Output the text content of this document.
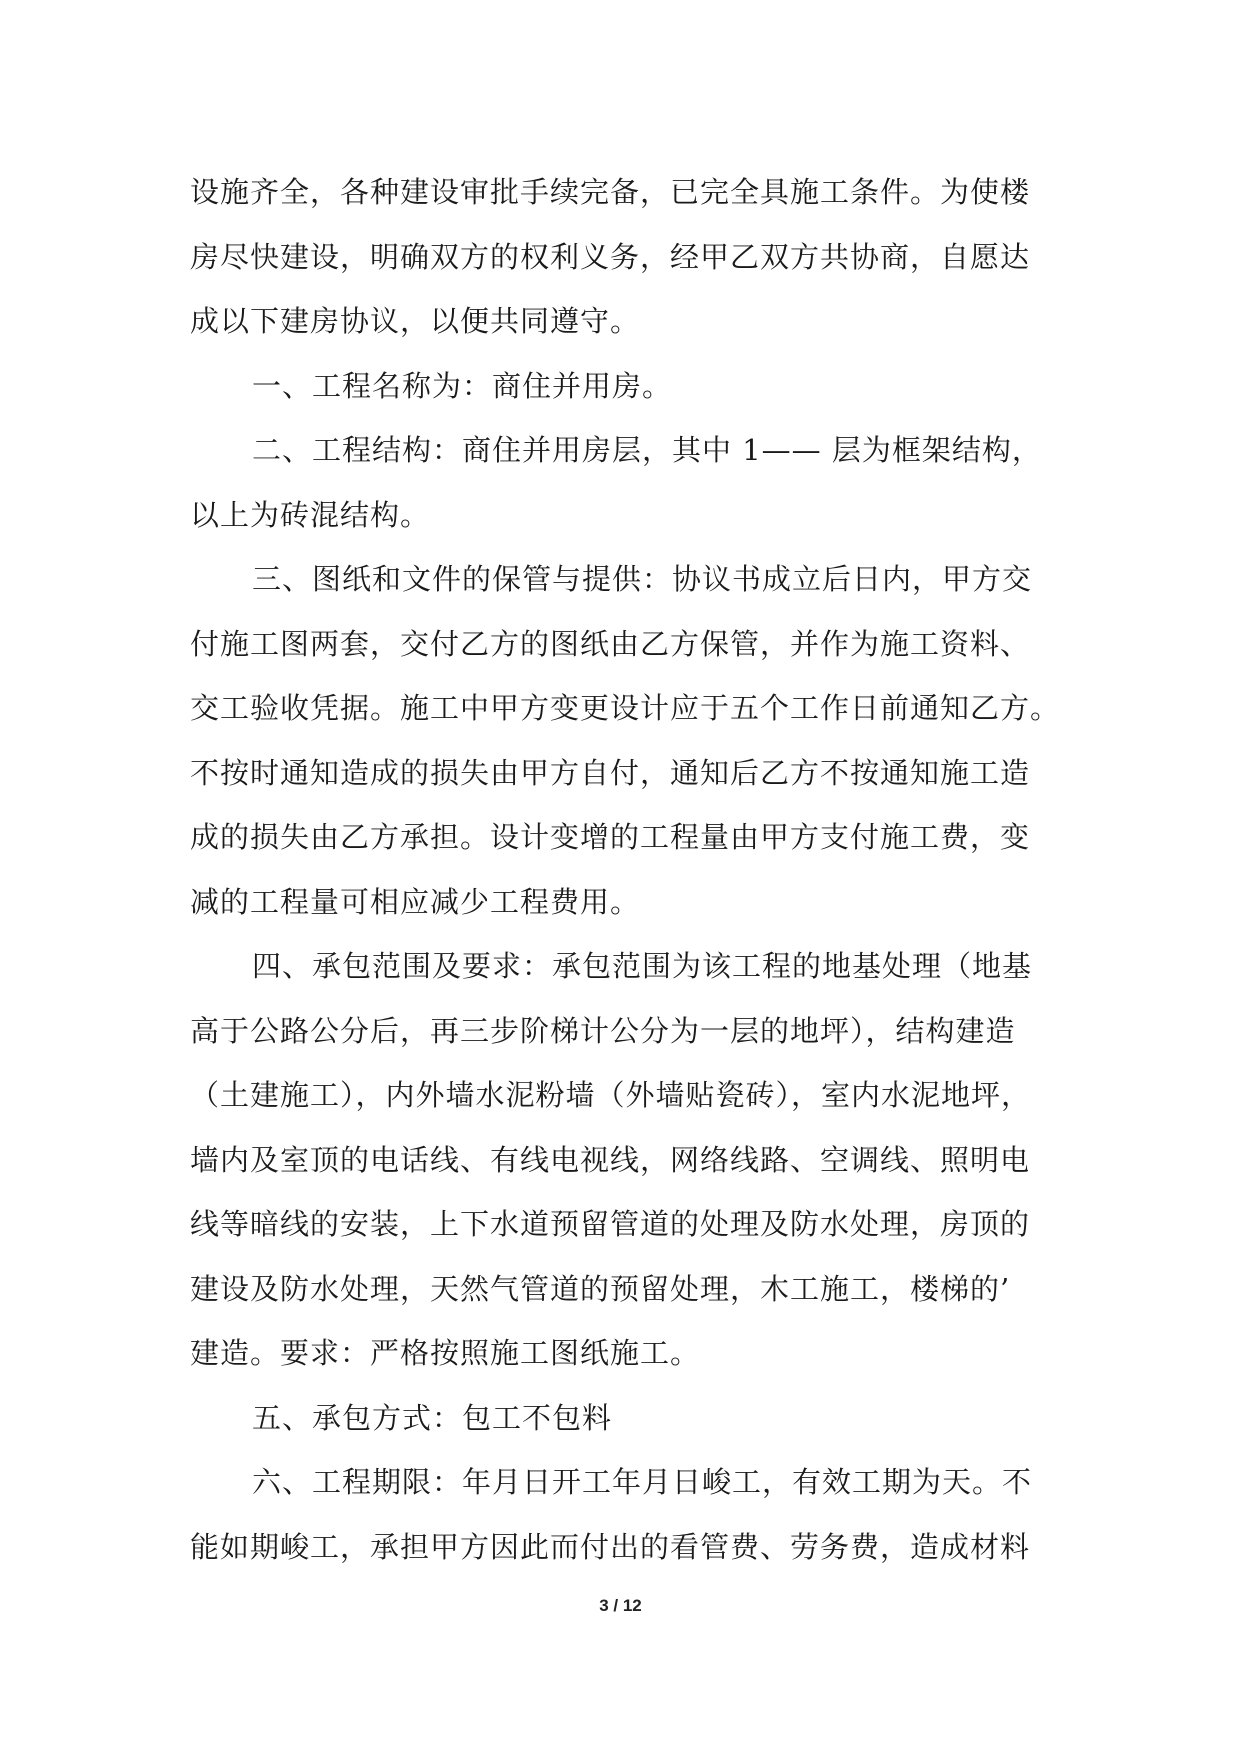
设施齐全，各种建设审批手续完备，已完全具施工条件。为使楼
房尽快建设，明确双方的权利义务，经甲乙双方共协商，自愿达
成以下建房协议，以便共同遵守。
一、工程名称为：商住并用房。
二、工程结构：商住并用房层，其中 1—— 层为框架结构，
以上为砖混结构。
三、图纸和文件的保管与提供：协议书成立后日内，甲方交
付施工图两套，交付乙方的图纸由乙方保管，并作为施工资料、
交工验收凭据。施工中甲方变更设计应于五个工作日前通知乙方。
不按时通知造成的损失由甲方自付，通知后乙方不按通知施工造
成的损失由乙方承担。设计变增的工程量由甲方支付施工费，变
减的工程量可相应减少工程费用。
四、承包范围及要求：承包范围为该工程的地基处理（地基
高于公路公分后，再三步阶梯计公分为一层的地坪），结构建造
（土建施工），内外墙水泥粉墙（外墙贴瓷砖），室内水泥地坪，
墙内及室顶的电话线、有线电视线，网络线路、空调线、照明电
线等暗线的安装，上下水道预留管道的处理及防水处理，房顶的
建设及防水处理，天然气管道的预留处理，木工施工，楼梯的’
建造。要求：严格按照施工图纸施工。
五、承包方式：包工不包料
六、工程期限：年月日开工年月日峻工，有效工期为天。不
能如期峻工，承担甲方因此而付出的看管费、劳务费，造成材料
3 / 12
